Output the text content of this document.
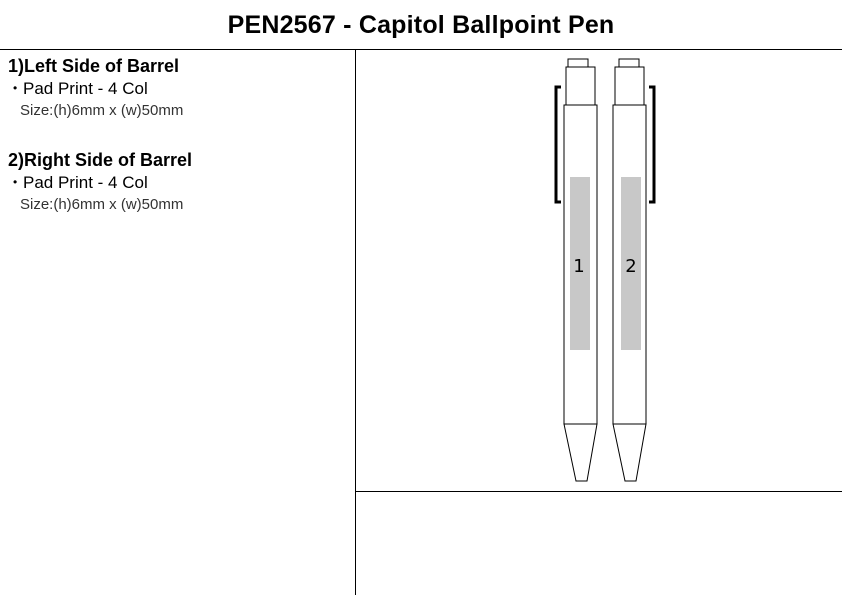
PEN2567 - Capitol Ballpoint Pen
1)Left Side of Barrel
• Pad Print - 4 Col
Size:(h)6mm x (w)50mm
2)Right Side of Barrel
• Pad Print - 4 Col
Size:(h)6mm x (w)50mm
1 2
